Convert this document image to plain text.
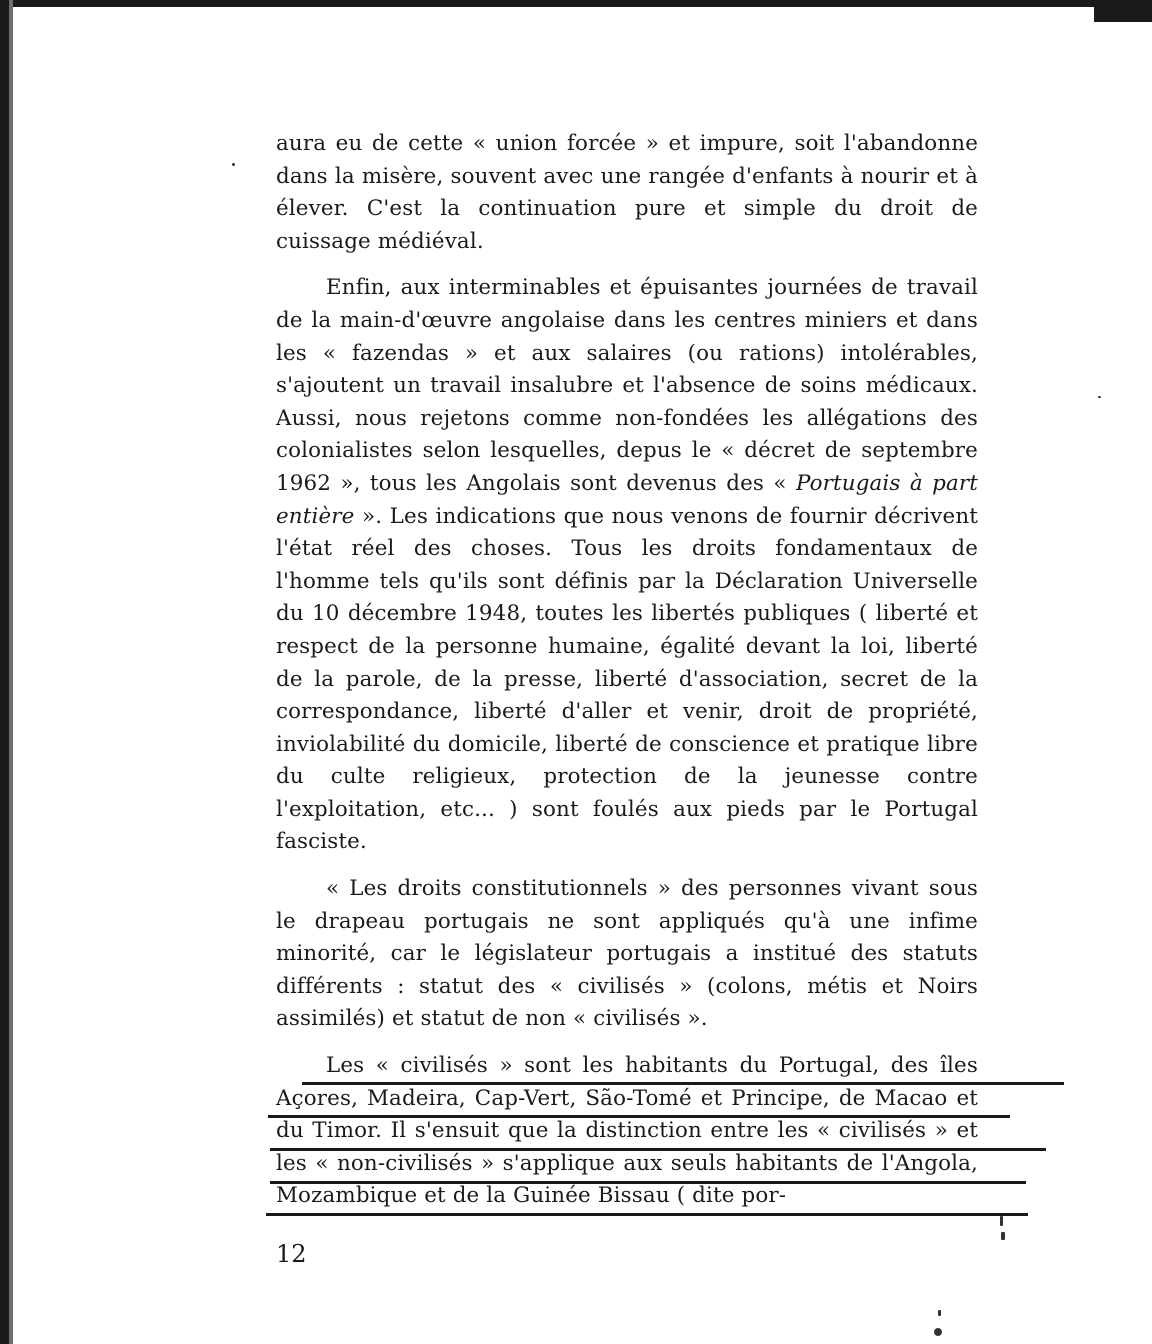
aura eu de cette « union forcée » et impure, soit l'abandonne dans la misère, souvent avec une rangée d'enfants à nourir et à élever. C'est la continuation pure et simple du droit de cuissage médiéval.

Enfin, aux interminables et épuisantes journées de travail de la main-d'œuvre angolaise dans les centres miniers et dans les « fazendas » et aux salaires (ou rations) intolérables, s'ajoutent un travail insalubre et l'absence de soins médicaux. Aussi, nous rejetons comme non-fondées les allégations des colonialistes selon lesquelles, depus le « décret de septembre 1962 », tous les Angolais sont devenus des « Portugais à part entière ». Les indications que nous venons de fournir décrivent l'état réel des choses. Tous les droits fondamentaux de l'homme tels qu'ils sont définis par la Déclaration Universelle du 10 décembre 1948, toutes les libertés publiques ( liberté et respect de la personne humaine, égalité devant la loi, liberté de la parole, de la presse, liberté d'association, secret de la correspondance, liberté d'aller et venir, droit de propriété, inviolabilité du domicile, liberté de conscience et pratique libre du culte religieux, protection de la jeunesse contre l'exploitation, etc... ) sont foulés aux pieds par le Portugal fasciste.

« Les droits constitutionnels » des personnes vivant sous le drapeau portugais ne sont appliqués qu'à une infime minorité, car le législateur portugais a institué des statuts différents : statut des « civilisés » (colons, métis et Noirs assimilés) et statut de non « civilisés ».

Les « civilisés » sont les habitants du Portugal, des îles Açores, Madeira, Cap-Vert, São-Tomé et Principe, de Macao et du Timor. Il s'ensuit que la distinction entre les « civilisés » et les « non-civilisés » s'applique aux seuls habitants de l'Angola, Mozambique et de la Guinée Bissau ( dite por-

12
